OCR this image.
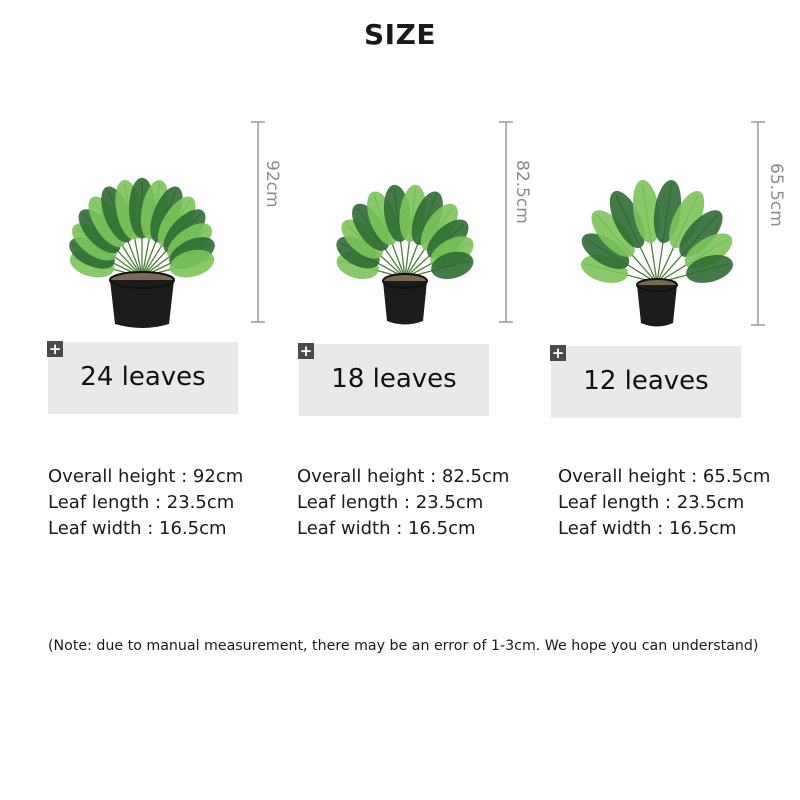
SIZE
92cm
+
24 leaves
Overall height : 92cm
Leaf length : 23.5cm
Leaf width : 16.5cm
82.5cm
+
18 leaves
Overall height : 82.5cm
Leaf length : 23.5cm
Leaf width : 16.5cm
65.5cm
+
12 leaves
Overall height : 65.5cm
Leaf length : 23.5cm
Leaf width : 16.5cm
(Note: due to manual measurement, there may be an error of 1-3cm. We hope you can understand)
